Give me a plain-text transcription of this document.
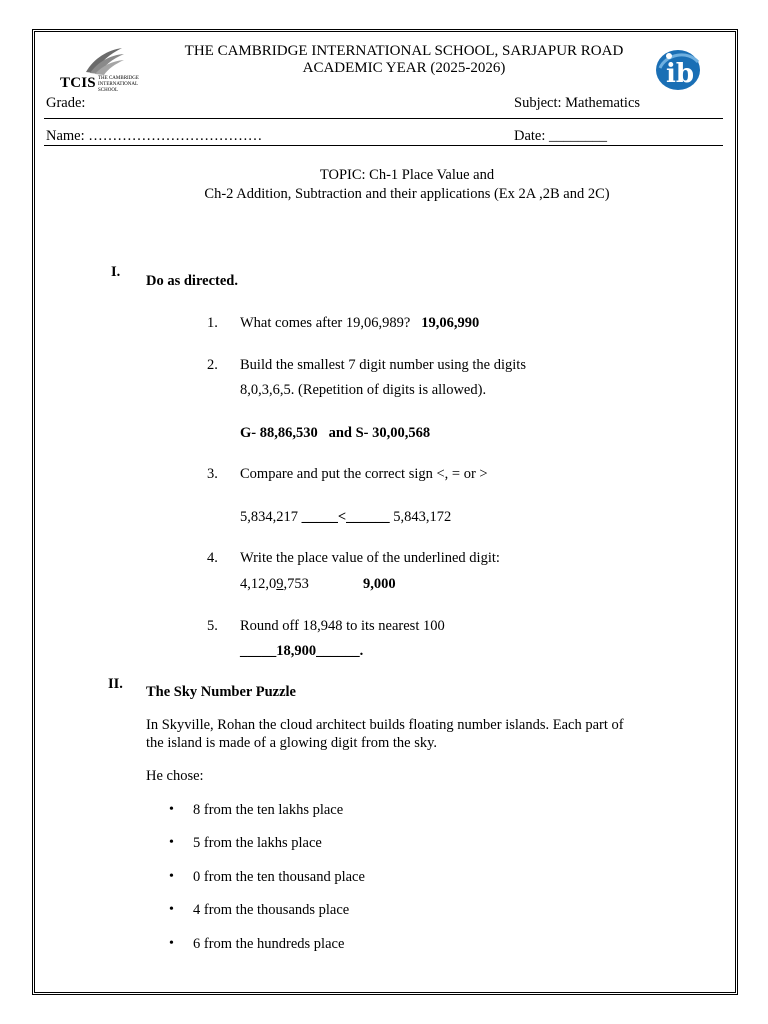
TCIS THE CAMBRIDGE INTERNATIONAL SCHOOL
ib
THE CAMBRIDGE INTERNATIONAL SCHOOL, SARJAPUR ROAD
ACADEMIC YEAR (2025-2026)
Grade:	Subject: Mathematics
Name: ………………………………	Date: ________
TOPIC: Ch-1 Place Value and
Ch-2 Addition, Subtraction and their applications (Ex 2A ,2B and 2C)
I.
Do as directed.
1. What comes after 19,06,989? 19,06,990
2. Build the smallest 7 digit number using the digits
8,0,3,6,5. (Repetition of digits is allowed).
G- 88,86,530   and S- 30,00,568
3. Compare and put the correct sign <, = or >
5,834,217 _____<______ 5,843,172
4. Write the place value of the underlined digit:
4,12,09,753	9,000
5. Round off 18,948 to its nearest 100
_____18,900______.
II. The Sky Number Puzzle
In Skyville, Rohan the cloud architect builds floating number islands. Each part of
the island is made of a glowing digit from the sky.
He chose:
• 8 from the ten lakhs place
• 5 from the lakhs place
• 0 from the ten thousand place
• 4 from the thousands place
• 6 from the hundreds place
